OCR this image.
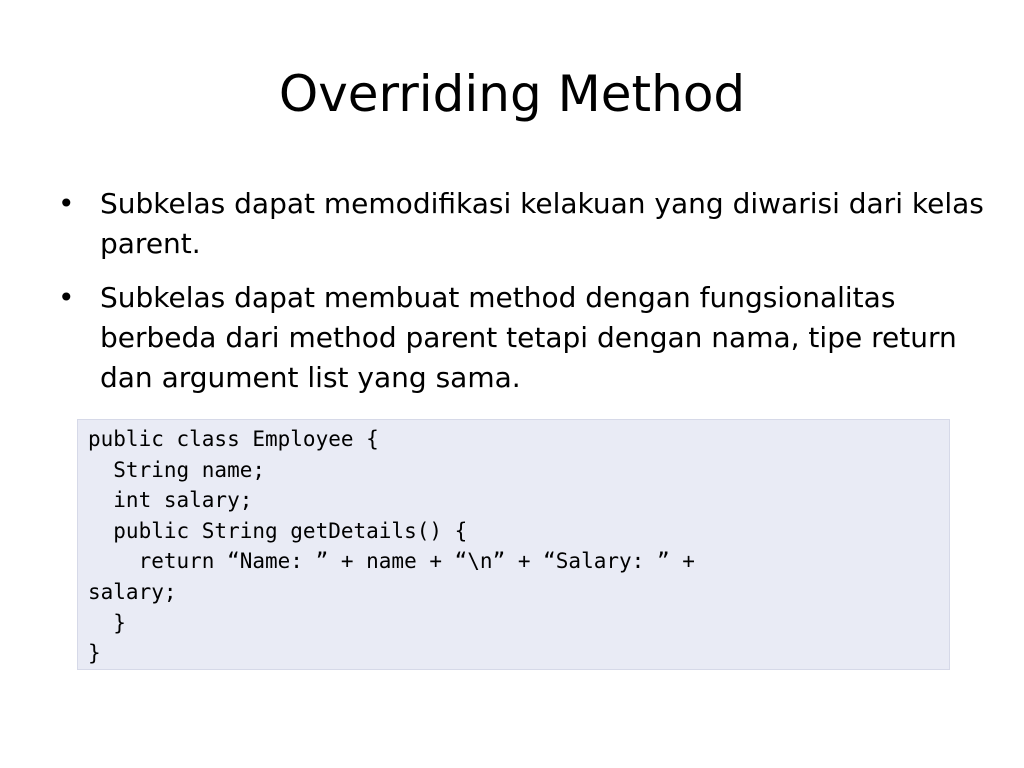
Overriding Method
• Subkelas dapat memodifikasi kelakuan yang diwarisi dari kelas parent.
• Subkelas dapat membuat method dengan fungsionalitas berbeda dari method parent tetapi dengan nama, tipe return dan argument list yang sama.
public class Employee {
String name;
int salary;
public String getDetails() {
return “Name: ” + name + “\n” + “Salary: ” +
salary;
}
}
